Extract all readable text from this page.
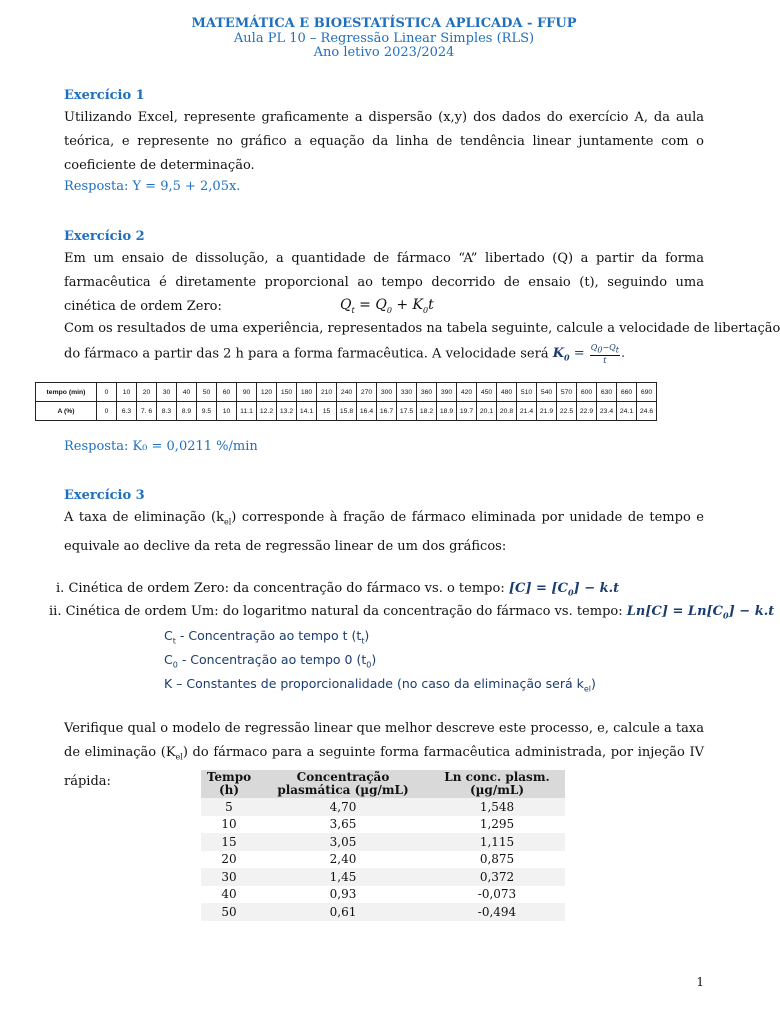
MATEMÁTICA E BIOESTATÍSTICA APLICADA - FFUP
Aula PL 10 – Regressão Linear Simples (RLS)
Ano letivo 2023/2024
Exercício 1
Utilizando Excel, represente graficamente a dispersão (x,y) dos dados do exercício A, da aula teórica, e represente no gráfico a equação da linha de tendência linear juntamente com o coeficiente de determinação.
Resposta: Y = 9,5 + 2,05x.
Exercício 2
Em um ensaio de dissolução, a quantidade de fármaco “A” libertado (Q) a partir da forma farmacêutica é diretamente proporcional ao tempo decorrido de ensaio (t), seguindo uma cinética de ordem Zero:	$Q_t = Q_0 + K_0t$
Com os resultados de uma experiência, representados na tabela seguinte, calcule a velocidade de libertação
do fármaco a partir das 2 h para a forma farmacêutica. A velocidade será $K_0 = \frac{Q_0-Q_t}{t}$ .
tempo (min)	0	10	20	30	40	50	60	90	120	150	180	210	240	270	300	330	360	390	420	450	480	510	540	570	600	630	660	690
A (%)	0	6.3	7. 6	8.3	8.9	9.5	10	11.1	12.2	13.2	14.1	15	15.8	16.4	16.7	17.5	18.2	18.9	19.7	20.1	20.8	21.4	21.9	22.5	22.9	23.4	24.1	24.6
Resposta: K₀ = 0,0211 %/min
Exercício 3
A taxa de eliminação $(k_{el})$ corresponde à fração de fármaco eliminada por unidade de tempo e equivale ao declive da reta de regressão linear de um dos gráficos:
i. Cinética de ordem Zero: da concentração do fármaco vs. o tempo: $[C] = [C_0] - k.t$
ii. Cinética de ordem Um: do logaritmo natural da concentração do fármaco vs. tempo: $Ln[C] = Ln[C_0] - k.t$
$C_t$ - Concentração ao tempo t $(t_t)$
$C_0$ - Concentração ao tempo 0 $(t_0)$
K – Constantes de proporcionalidade (no caso da eliminação será $k_{el}$)
Verifique qual o modelo de regressão linear que melhor descreve este processo, e, calcule a taxa de eliminação $(K_{el})$ do fármaco para a seguinte forma farmacêutica administrada, por injeção IV rápida:	Tempo (h)	Concentração plasmática (µg/mL)	Ln conc. plasm. (µg/mL)
5	4,70	1,548
10	3,65	1,295
15	3,05	1,115
20	2,40	0,875
30	1,45	0,372
40	0,93	-0,073
50	0,61	-0,494
1
